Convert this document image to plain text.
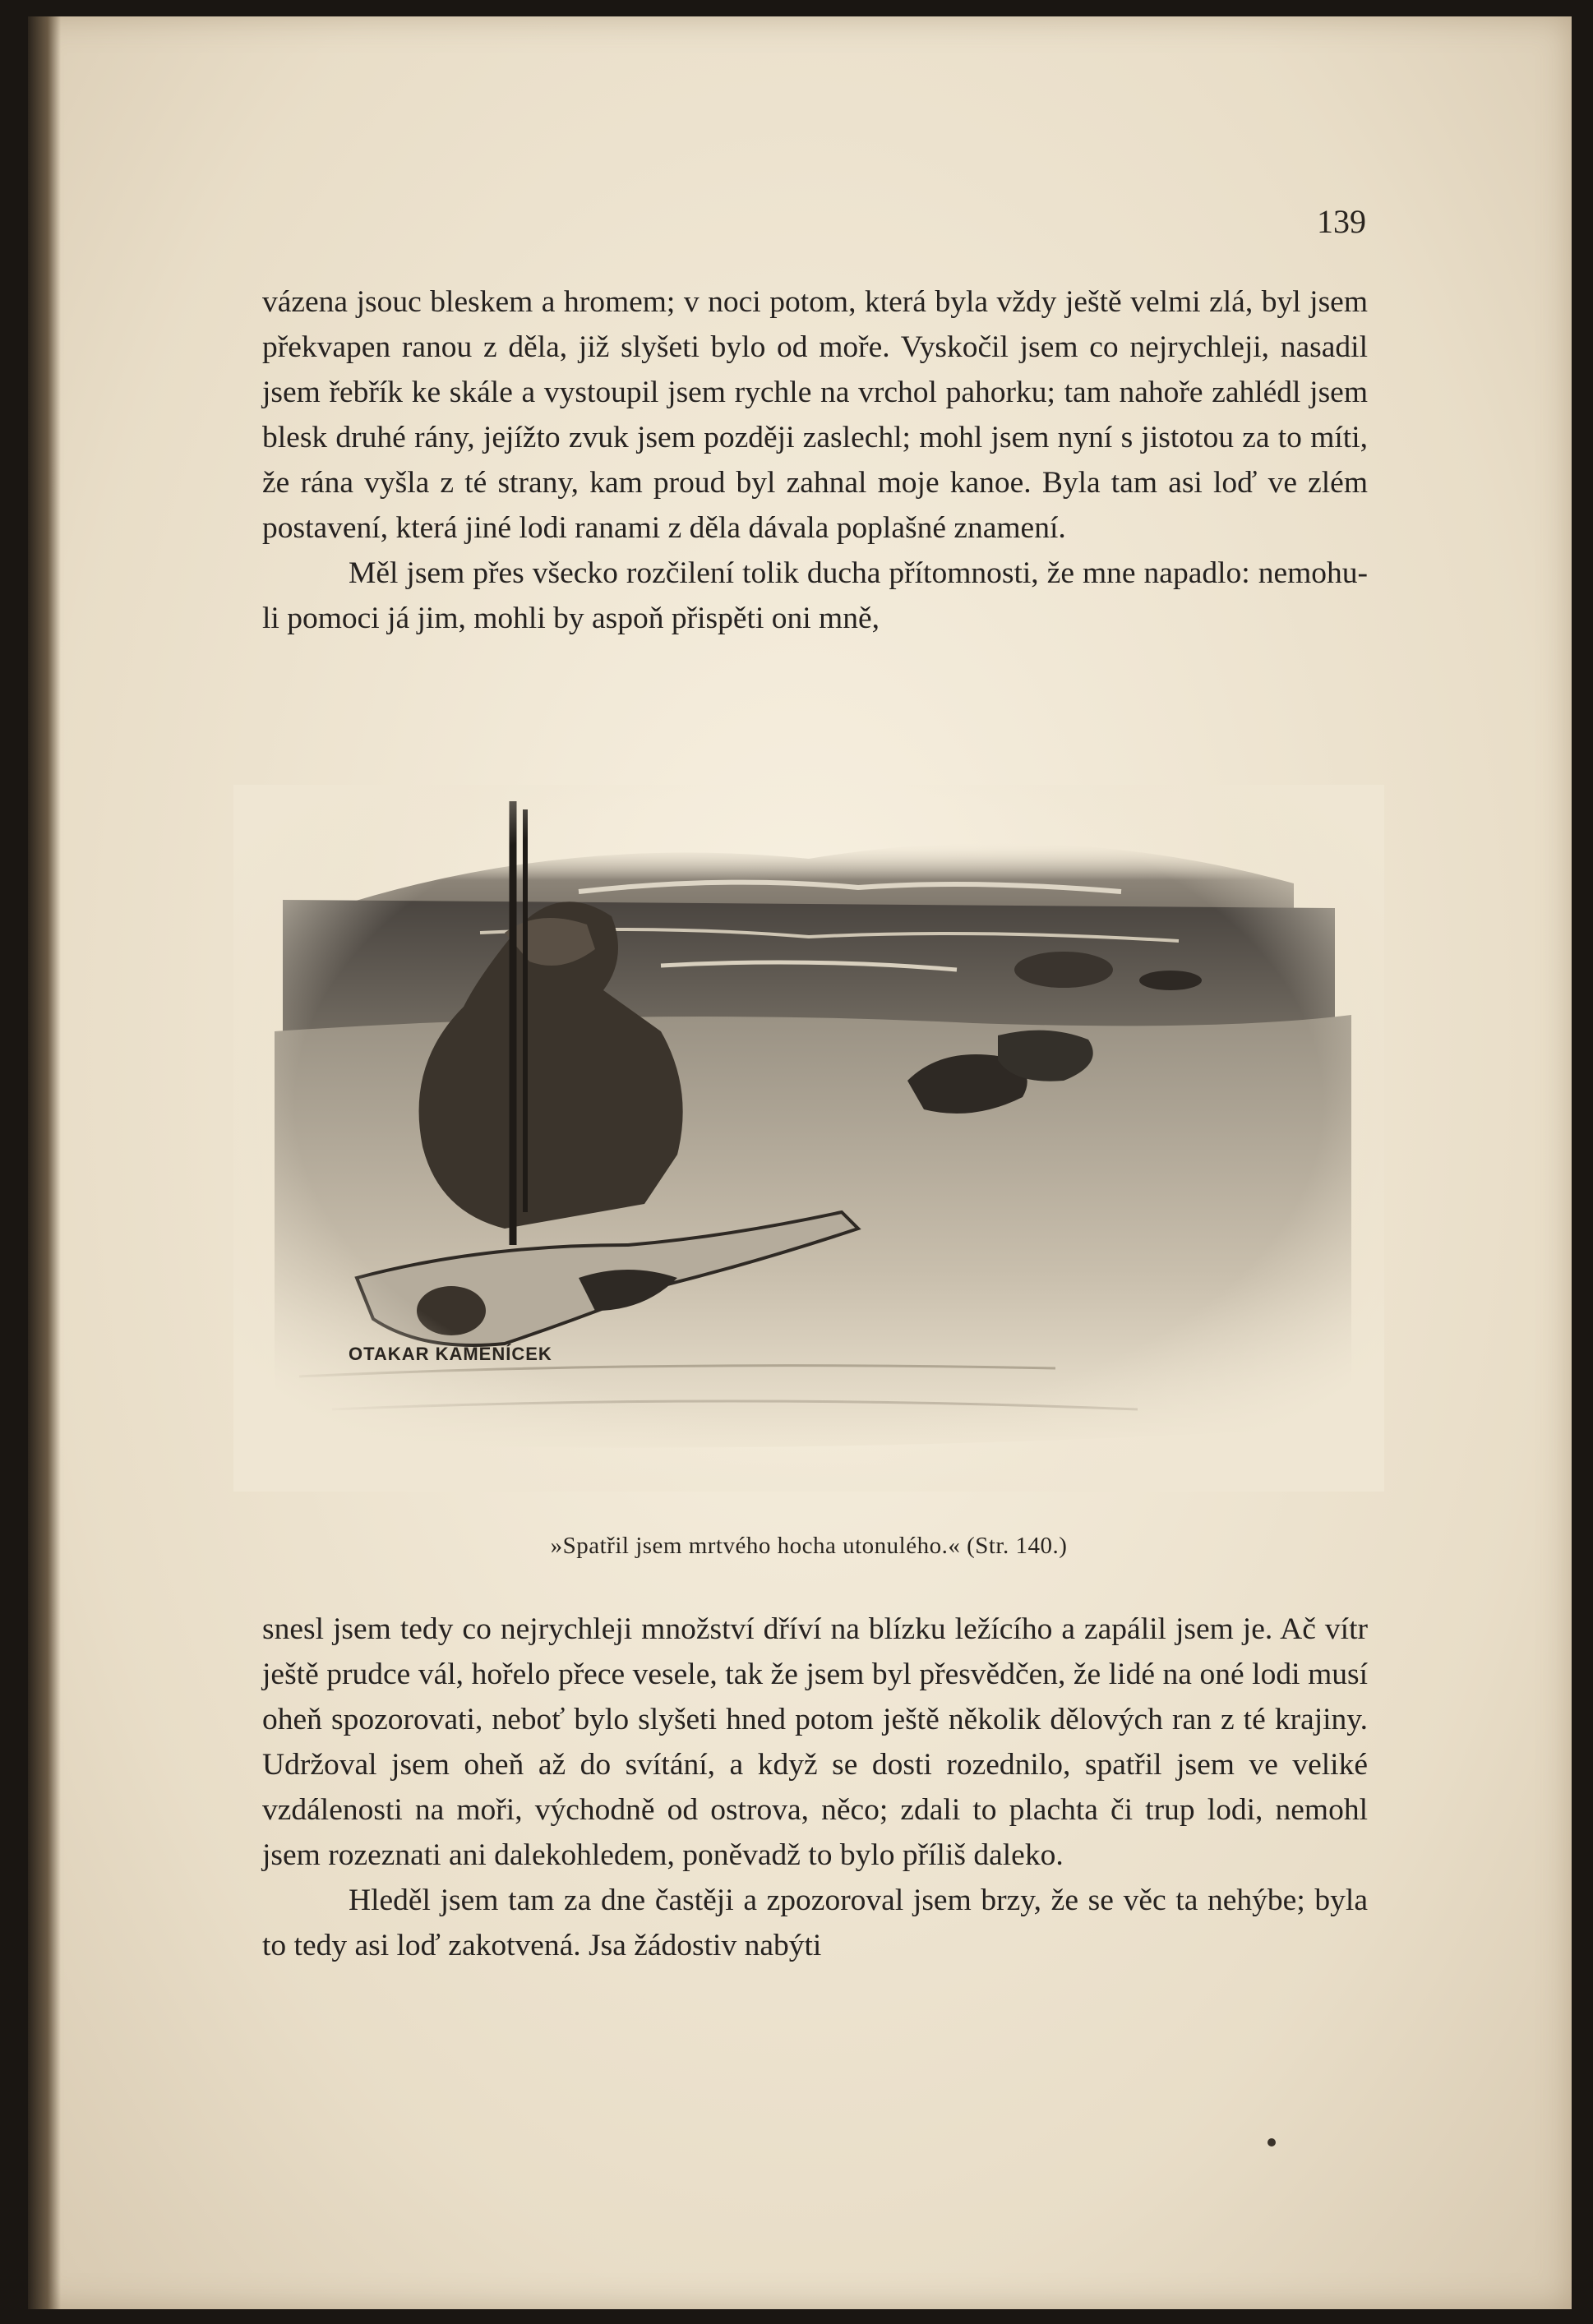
139

vázena jsouc bleskem a hromem; v noci potom, která byla vždy ještě velmi zlá, byl jsem překvapen ranou z děla, již slyšeti bylo od moře. Vyskočil jsem co nejrychleji, nasadil jsem řebřík ke skále a vystoupil jsem rychle na vrchol pahorku; tam nahoře zahlédl jsem blesk druhé rány, jejížto zvuk jsem později zaslechl; mohl jsem nyní s jistotou za to míti, že rána vyšla z té strany, kam proud byl zahnal moje kanoe. Byla tam asi loď ve zlém postavení, která jiné lodi ranami z děla dávala poplašné znamení.

Měl jsem přes všecko rozčilení tolik ducha přítomnosti, že mne napadlo: nemohu-li pomoci já jim, mohli by aspoň přispěti oni mně,

OTAKAR KAMENÍCEK
»Spatřil jsem mrtvého hocha utonulého.« (Str. 140.)

snesl jsem tedy co nejrychleji množství dříví na blízku ležícího a zapálil jsem je. Ač vítr ještě prudce vál, hořelo přece vesele, tak že jsem byl přesvědčen, že lidé na oné lodi musí oheň spozorovati, neboť bylo slyšeti hned potom ještě několik dělových ran z té krajiny. Udržoval jsem oheň až do svítání, a když se dosti rozednilo, spatřil jsem ve veliké vzdálenosti na moři, východně od ostrova, něco; zdali to plachta či trup lodi, nemohl jsem rozeznati ani dalekohledem, poněvadž to bylo příliš daleko.

Hleděl jsem tam za dne častěji a zpozoroval jsem brzy, že se věc ta nehýbe; byla to tedy asi loď zakotvená. Jsa žádostiv nabýti
